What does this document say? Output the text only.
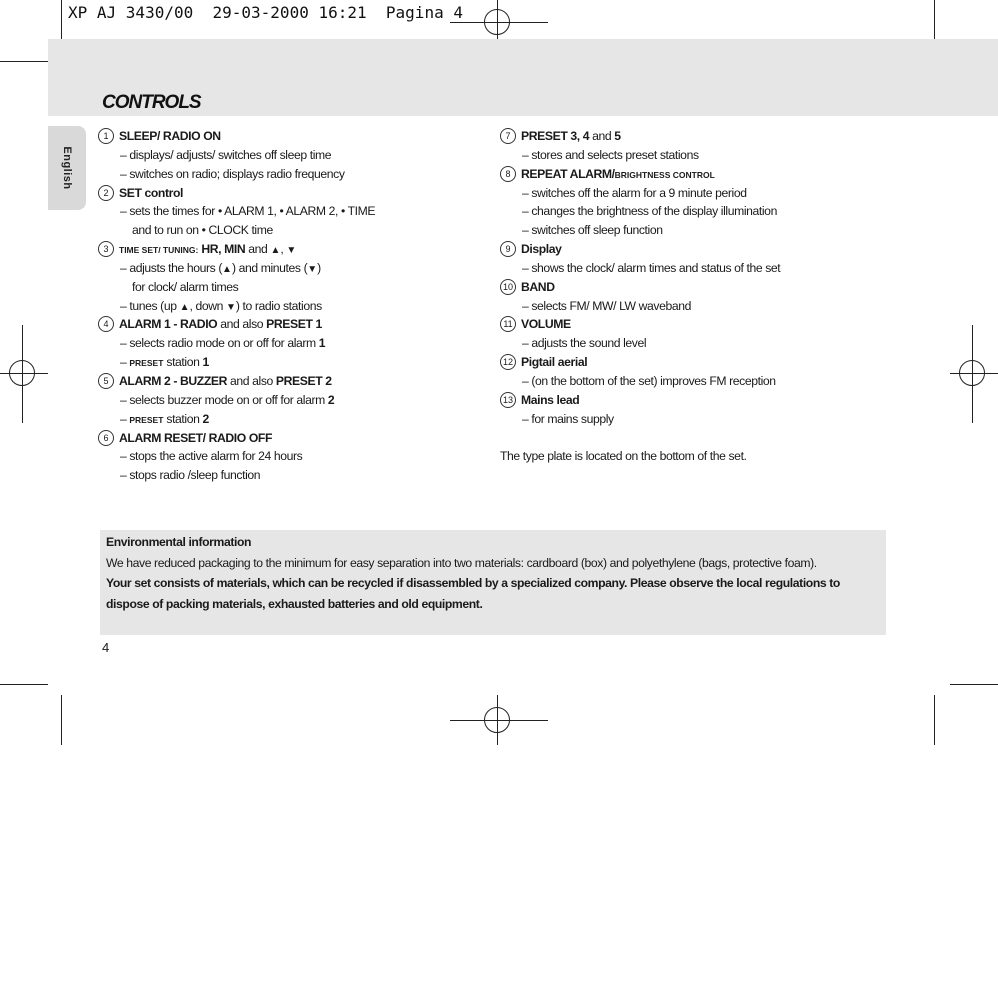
XP AJ 3430/00 29-03-2000 16:21 Pagina 4
CONTROLS
English
1 SLEEP/ RADIO ON
– displays/ adjusts/ switches off sleep time
– switches on radio; displays radio frequency
2 SET control
– sets the times for • ALARM 1, • ALARM 2, • TIME
and to run on • CLOCK time
3 TIME SET/ TUNING: HR, MIN and ▲, ▼
– adjusts the hours (▲) and minutes (▼)
for clock/ alarm times
– tunes (up ▲, down ▼) to radio stations
4 ALARM 1 - RADIO and also PRESET 1
– selects radio mode on or off for alarm 1
– PRESET station 1
5 ALARM 2 - BUZZER and also PRESET 2
– selects buzzer mode on or off for alarm 2
– PRESET station 2
6 ALARM RESET/ RADIO OFF
– stops the active alarm for 24 hours
– stops radio /sleep function
7 PRESET 3, 4 and 5
– stores and selects preset stations
8 REPEAT ALARM/BRIGHTNESS CONTROL
– switches off the alarm for a 9 minute period
– changes the brightness of the display illumination
– switches off sleep function
9 Display
– shows the clock/ alarm times and status of the set
10 BAND
– selects FM/ MW/ LW waveband
11 VOLUME
– adjusts the sound level
12 Pigtail aerial
– (on the bottom of the set) improves FM reception
13 Mains lead
– for mains supply
The type plate is located on the bottom of the set.
Environmental information
We have reduced packaging to the minimum for easy separation into two materials: cardboard (box) and polyethylene (bags, protective foam).
Your set consists of materials, which can be recycled if disassembled by a specialized company. Please observe the local regulations to dispose of packing materials, exhausted batteries and old equipment.
4
